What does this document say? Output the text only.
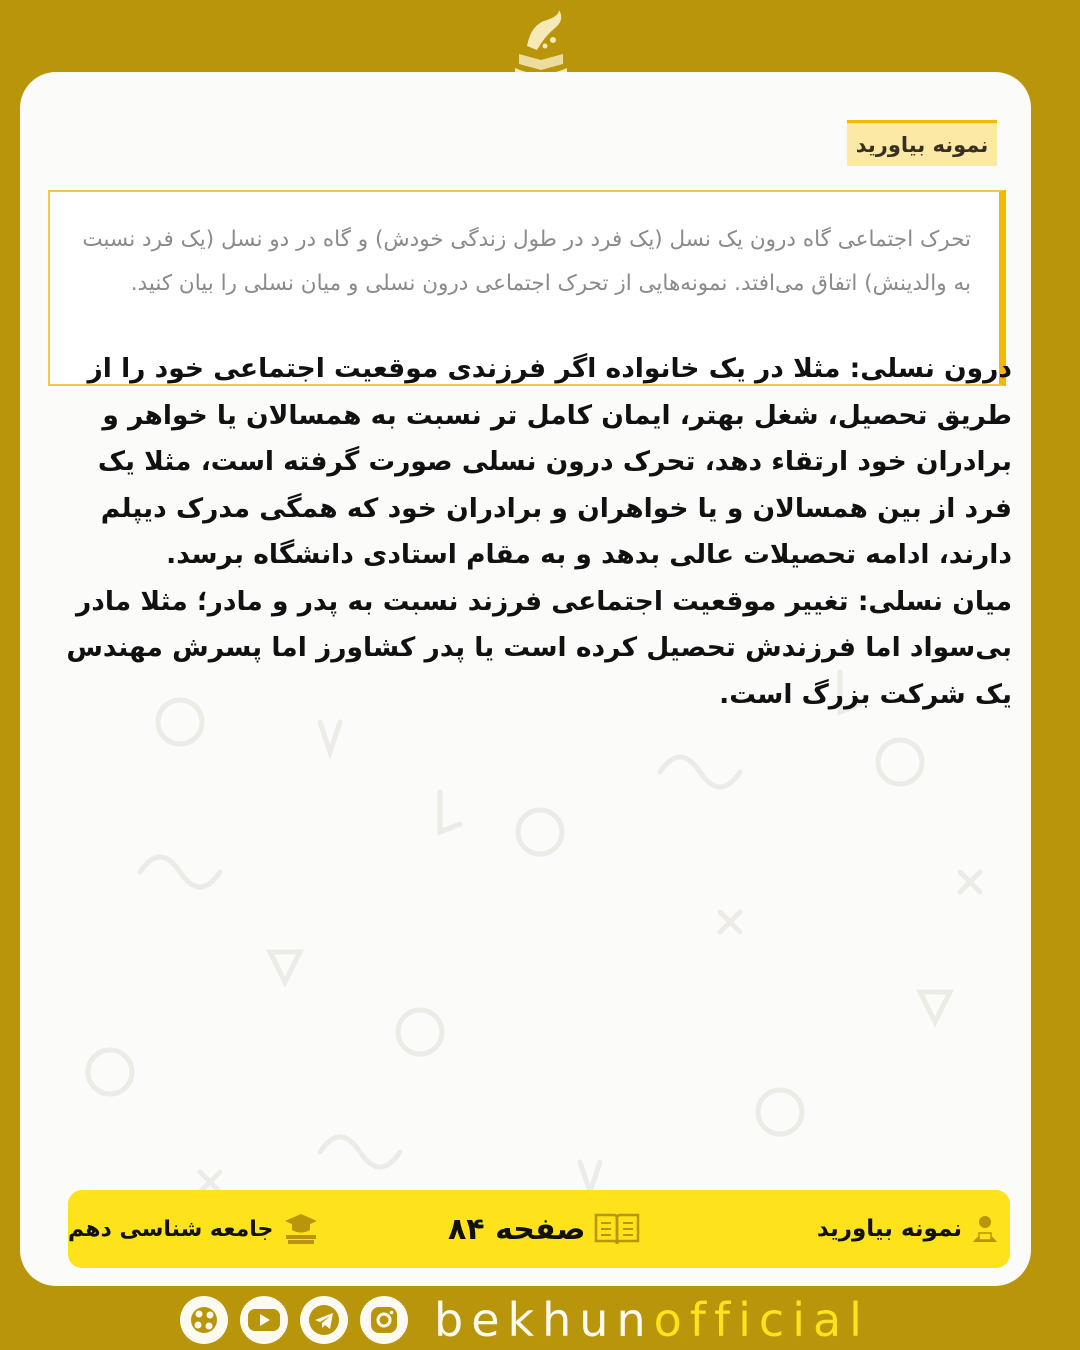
نمونه بیاورید
تحرک اجتماعی گاه درون یک نسل (یک فرد در طول زندگی خودش) و گاه در دو نسل (یک فرد نسبت به والدینش) اتفاق می‌افتد. نمونه‌هایی از تحرک اجتماعی درون نسلی و میان نسلی را بیان کنید.

درون نسلی: مثلا در یک خانواده اگر فرزندی موقعیت اجتماعی خود را از طریق تحصیل، شغل بهتر، ایمان کامل تر نسبت به همسالان یا خواهر و برادران خود ارتقاء دهد، تحرک درون نسلی صورت گرفته است، مثلا یک فرد از بین همسالان و یا خواهران و برادران خود که همگی مدرک دیپلم دارند، ادامه تحصیلات عالی بدهد و به مقام استادی دانشگاه برسد.

میان نسلی: تغییر موقعیت اجتماعی فرزند نسبت به پدر و مادر؛ مثلا مادر بی‌سواد اما فرزندش تحصیل کرده است یا پدر کشاورز اما پسرش مهندس یک شرکت بزرگ است.

نمونه بیاورید
صفحه ۸۴
جامعه شناسی دهم
bekhunofficial
